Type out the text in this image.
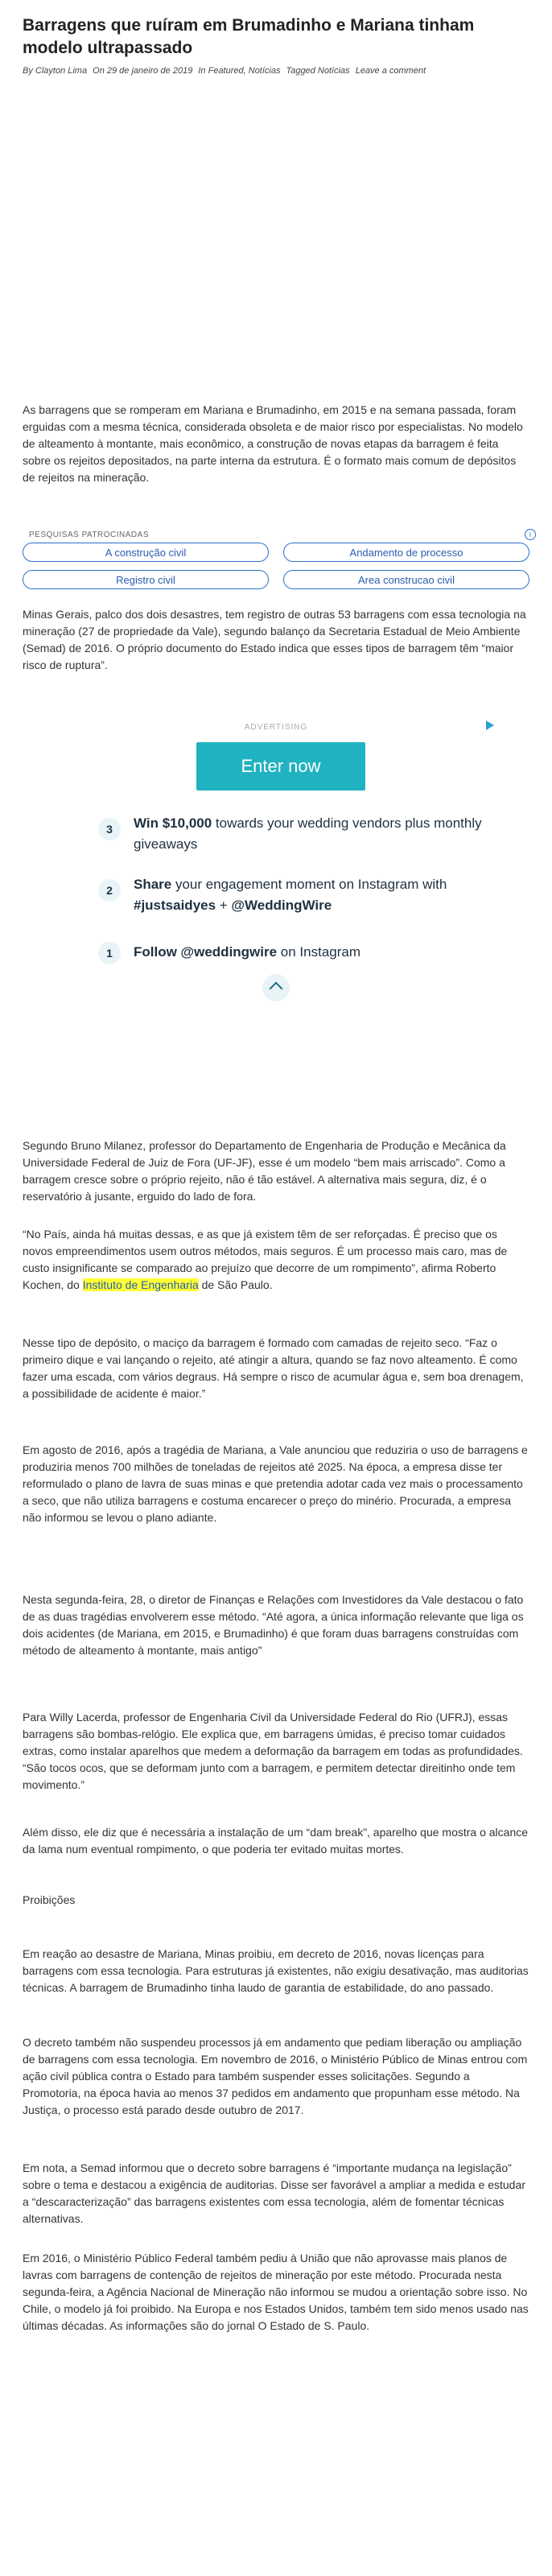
Barragens que ruíram em Brumadinho e Mariana tinham modelo ultrapassado
By Clayton Lima On 29 de janeiro de 2019 In Featured, Notícias Tagged Notícias Leave a comment

As barragens que se romperam em Mariana e Brumadinho, em 2015 e na semana passada, foram erguidas com a mesma técnica, considerada obsoleta e de maior risco por especialistas. No modelo de alteamento à montante, mais econômico, a construção de novas etapas da barragem é feita sobre os rejeitos depositados, na parte interna da estrutura. É o formato mais comum de depósitos de rejeitos na mineração.

PESQUISAS PATROCINADAS	i
A construção civil	Andamento de processo
Registro civil	Area construcao civil

Minas Gerais, palco dos dois desastres, tem registro de outras 53 barragens com essa tecnologia na mineração (27 de propriedade da Vale), segundo balanço da Secretaria Estadual de Meio Ambiente (Semad) de 2016. O próprio documento do Estado indica que esses tipos de barragem têm “maior risco de ruptura”.

ADVERTISING
Enter now
3	Win $10,000 towards your wedding vendors plus monthly giveaways
2	Share your engagement moment on Instagram with #justsaidyes + @WeddingWire
1	Follow @weddingwire on Instagram

Segundo Bruno Milanez, professor do Departamento de Engenharia de Produção e Mecânica da Universidade Federal de Juiz de Fora (UF-JF), esse é um modelo “bem mais arriscado”. Como a barragem cresce sobre o próprio rejeito, não é tão estável. A alternativa mais segura, diz, é o reservatório à jusante, erguido do lado de fora.

“No País, ainda há muitas dessas, e as que já existem têm de ser reforçadas. É preciso que os novos empreendimentos usem outros métodos, mais seguros. É um processo mais caro, mas de custo insignificante se comparado ao prejuízo que decorre de um rompimento”, afirma Roberto Kochen, do Instituto de Engenharia de São Paulo.

Nesse tipo de depósito, o maciço da barragem é formado com camadas de rejeito seco. “Faz o primeiro dique e vai lançando o rejeito, até atingir a altura, quando se faz novo alteamento. É como fazer uma escada, com vários degraus. Há sempre o risco de acumular água e, sem boa drenagem, a possibilidade de acidente é maior.”

Em agosto de 2016, após a tragédia de Mariana, a Vale anunciou que reduziria o uso de barragens e produziria menos 700 milhões de toneladas de rejeitos até 2025. Na época, a empresa disse ter reformulado o plano de lavra de suas minas e que pretendia adotar cada vez mais o processamento a seco, que não utiliza barragens e costuma encarecer o preço do minério. Procurada, a empresa não informou se levou o plano adiante.

Nesta segunda-feira, 28, o diretor de Finanças e Relações com Investidores da Vale destacou o fato de as duas tragédias envolverem esse método. “Até agora, a única informação relevante que liga os dois acidentes (de Mariana, em 2015, e Brumadinho) é que foram duas barragens construídas com método de alteamento à montante, mais antigo”

Para Willy Lacerda, professor de Engenharia Civil da Universidade Federal do Rio (UFRJ), essas barragens são bombas-relógio. Ele explica que, em barragens úmidas, é preciso tomar cuidados extras, como instalar aparelhos que medem a deformação da barragem em todas as profundidades. “São tocos ocos, que se deformam junto com a barragem, e permitem detectar direitinho onde tem movimento.”

Além disso, ele diz que é necessária a instalação de um “dam break”, aparelho que mostra o alcance da lama num eventual rompimento, o que poderia ter evitado muitas mortes.

Proibições

Em reação ao desastre de Mariana, Minas proibiu, em decreto de 2016, novas licenças para barragens com essa tecnologia. Para estruturas já existentes, não exigiu desativação, mas auditorias técnicas. A barragem de Brumadinho tinha laudo de garantia de estabilidade, do ano passado.

O decreto também não suspendeu processos já em andamento que pediam liberação ou ampliação de barragens com essa tecnologia. Em novembro de 2016, o Ministério Público de Minas entrou com ação civil pública contra o Estado para também suspender esses solicitações. Segundo a Promotoria, na época havia ao menos 37 pedidos em andamento que propunham esse método. Na Justiça, o processo está parado desde outubro de 2017.

Em nota, a Semad informou que o decreto sobre barragens é “importante mudança na legislação” sobre o tema e destacou a exigência de auditorias. Disse ser favorável a ampliar a medida e estudar a “descaracterização” das barragens existentes com essa tecnologia, além de fomentar técnicas alternativas.

Em 2016, o Ministério Público Federal também pediu à União que não aprovasse mais planos de lavras com barragens de contenção de rejeitos de mineração por este método. Procurada nesta segunda-feira, a Agência Nacional de Mineração não informou se mudou a orientação sobre isso. No Chile, o modelo já foi proibido. Na Europa e nos Estados Unidos, também tem sido menos usado nas últimas décadas. As informações são do jornal O Estado de S. Paulo.
